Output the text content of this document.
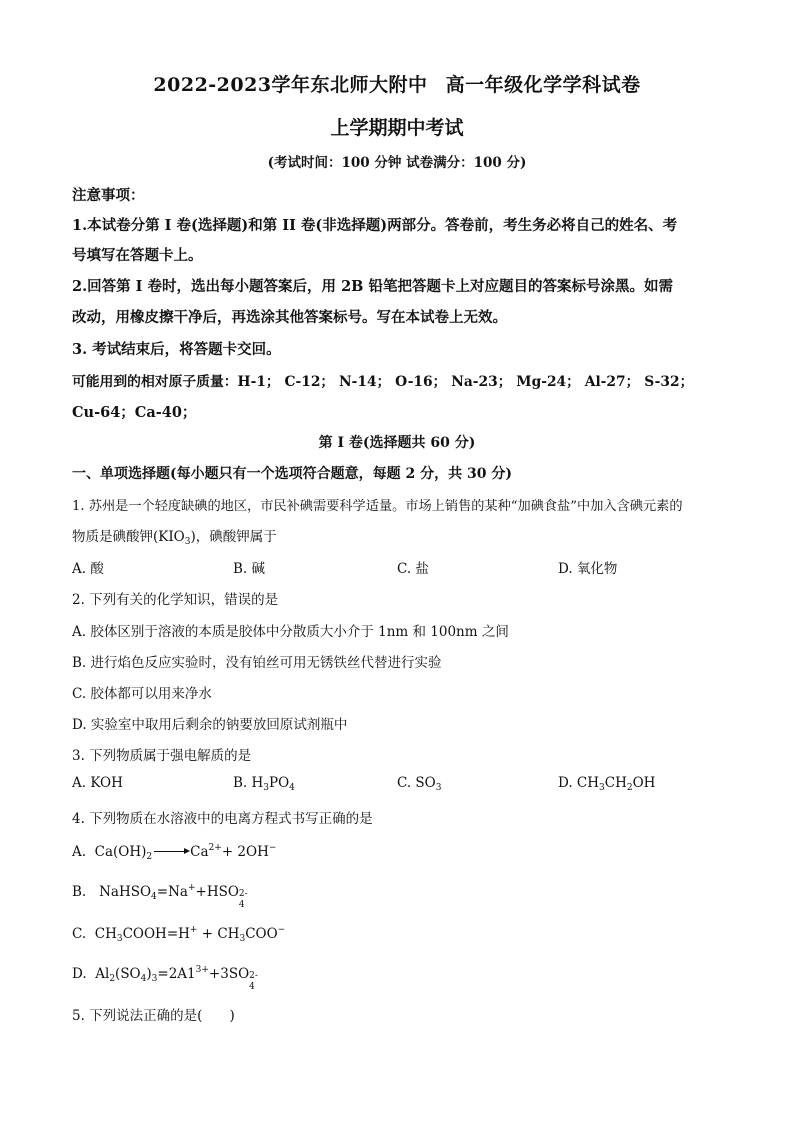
2022-2023学年东北师大附中 高一年级化学学科试卷
上学期期中考试
(考试时间：100 分钟 试卷满分：100 分)
注意事项：
1.本试卷分第 I 卷(选择题)和第 II 卷(非选择题)两部分。答卷前，考生务必将自己的姓名、考
号填写在答题卡上。
2.回答第 I 卷时，选出每小题答案后，用 2B 铅笔把答题卡上对应题目的答案标号涂黑。如需
改动，用橡皮擦干净后，再选涂其他答案标号。写在本试卷上无效。
3. 考试结束后，将答题卡交回。
可能用到的相对原子质量：H-1； C-12； N-14； O-16； Na-23； Mg-24； Al-27； S-32；
Cu-64；Ca-40；
第 I 卷(选择题共 60 分)
一、单项选择题(每小题只有一个选项符合题意，每题 2 分，共 30 分)
1. 苏州是一个轻度缺碘的地区，市民补碘需要科学适量。市场上销售的某种“加碘食盐”中加入含碘元素的
物质是碘酸钾$(KIO_3)$，碘酸钾属于
A. 酸	B. 碱	C. 盐	D. 氧化物
2. 下列有关的化学知识，错误的是
A. 胶体区别于溶液的本质是胶体中分散质大小介于 1nm 和 100nm 之间
B. 进行焰色反应实验时，没有铂丝可用无锈铁丝代替进行实验
C. 胶体都可以用来净水
D. 实验室中取用后剩余的钠要放回原试剂瓶中
3. 下列物质属于强电解质的是
A. KOH	B. $H_3PO_4$	C. $SO_3$	D. $CH_3CH_2OH$
4. 下列物质在水溶液中的电离方程式书写正确的是
A. $Ca(OH)_2 \to Ca^{2+}+ 2OH^-$
B. NaHSO$_4$=Na++HSO 2-
4
C. $CH_3COOH=H^+ + CH_3COO^-$
D. $Al_2(SO_4)_3=2A1^{3+}+3SO$ 2-
4
5. 下列说法正确的是(　　)
